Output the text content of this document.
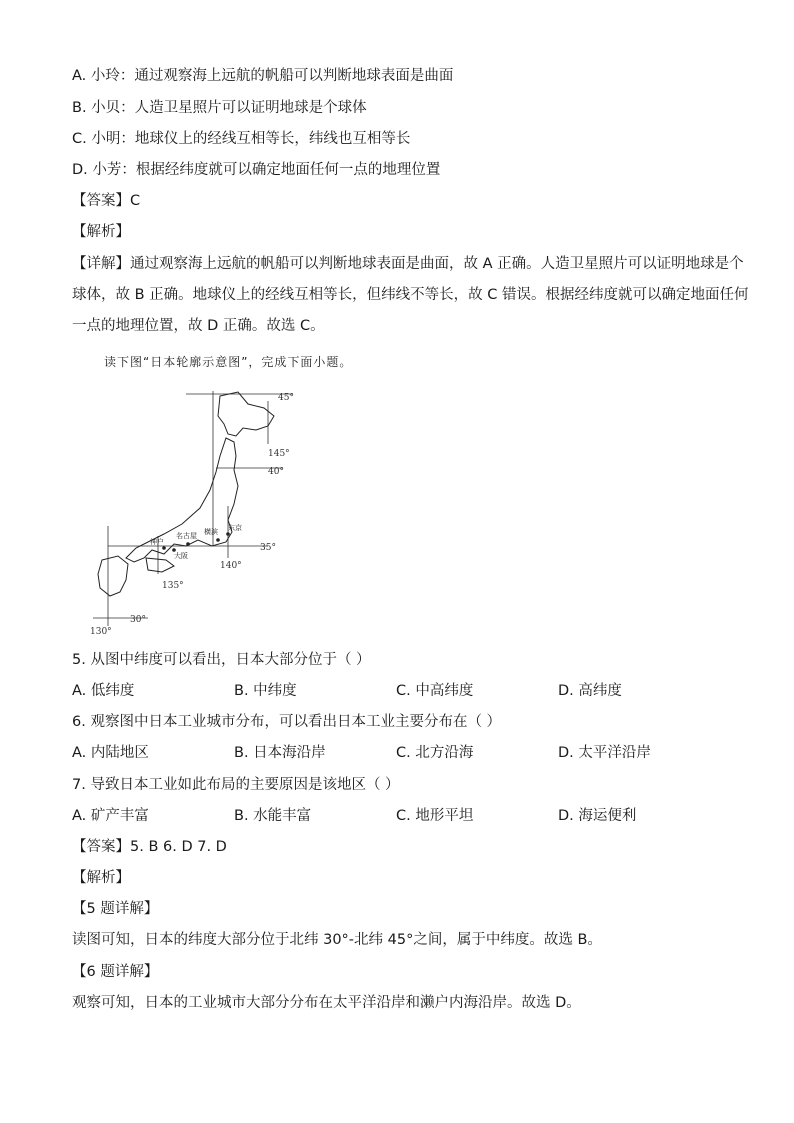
A. 小玲：通过观察海上远航的帆船可以判断地球表面是曲面
B. 小贝：人造卫星照片可以证明地球是个球体
C. 小明：地球仪上的经线互相等长，纬线也互相等长
D. 小芳：根据经纬度就可以确定地面任何一点的地理位置
【答案】C
【解析】
【详解】通过观察海上远航的帆船可以判断地球表面是曲面，故 A 正确。人造卫星照片可以证明地球是个
球体，故 B 正确。地球仪上的经线互相等长，但纬线不等长，故 C 错误。根据经纬度就可以确定地面任何
一点的地理位置，故 D 正确。故选 C。
读下图“日本轮廓示意图”，完成下面小题。
45°
40°
35°
30°
145°
140°
135°
130°
东京
横滨
名古屋
大阪
神户
5. 从图中纬度可以看出，日本大部分位于（ ）
A. 低纬度	B. 中纬度	C. 中高纬度	D. 高纬度
6. 观察图中日本工业城市分布，可以看出日本工业主要分布在（ ）
A. 内陆地区	B. 日本海沿岸	C. 北方沿海	D. 太平洋沿岸
7. 导致日本工业如此布局的主要原因是该地区（ ）
A. 矿产丰富	B. 水能丰富	C. 地形平坦	D. 海运便利
【答案】5. B 6. D 7. D
【解析】
【5 题详解】
读图可知，日本的纬度大部分位于北纬 30°-北纬 45°之间，属于中纬度。故选 B。
【6 题详解】
观察可知，日本的工业城市大部分分布在太平洋沿岸和濑户内海沿岸。故选 D。
